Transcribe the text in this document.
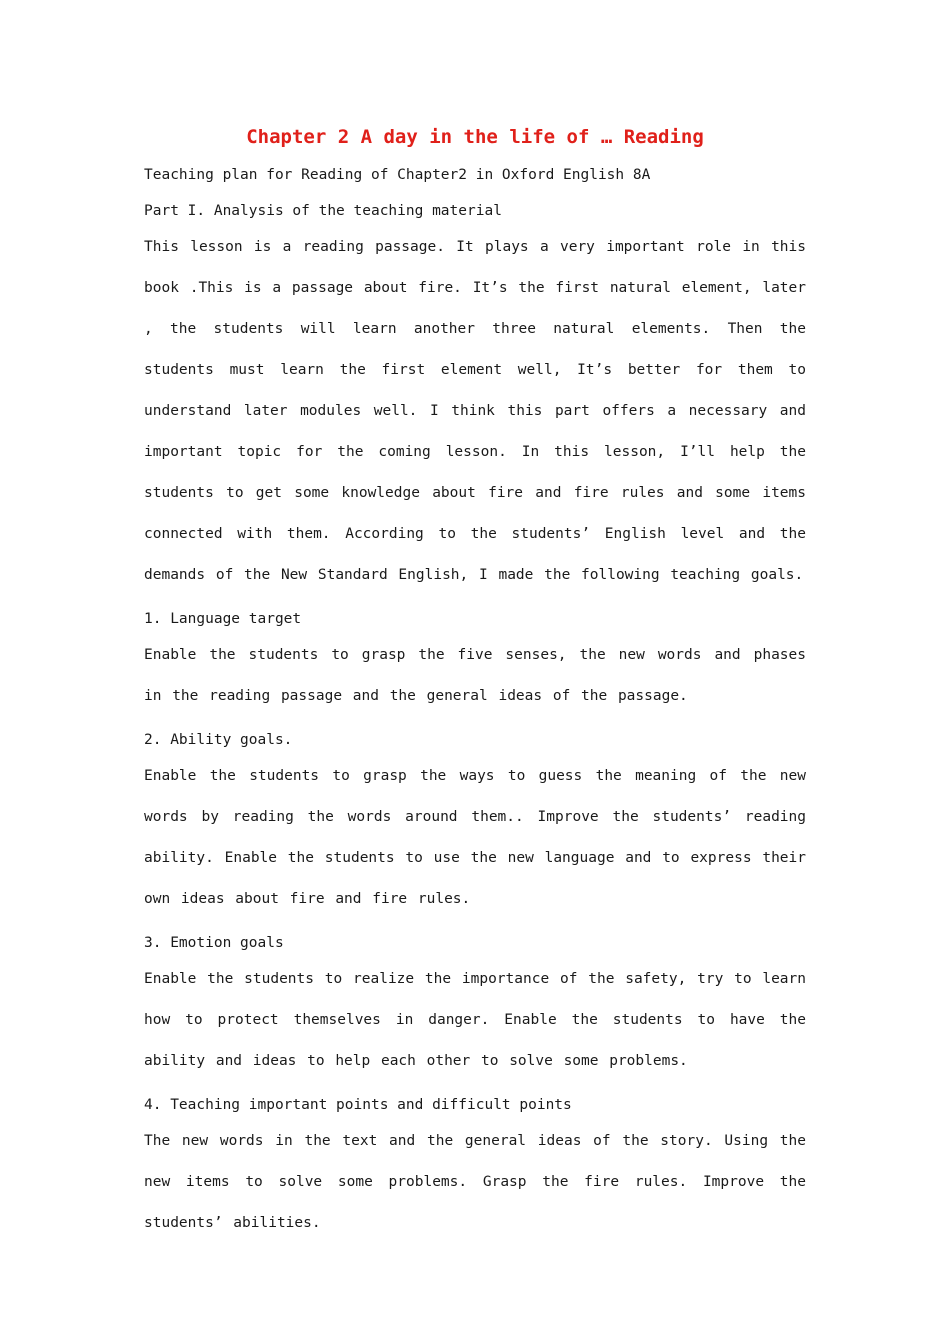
Chapter 2 A day in the life of … Reading
Teaching plan for Reading of Chapter2 in Oxford English 8A
Part I. Analysis of the teaching material
This lesson is a reading passage. It plays a very important role in this book .This is a passage about fire. It’s the first natural element, later , the students will learn another three natural elements. Then the students must learn the first element well, It’s better for them to understand later modules well. I think this part offers a necessary and important topic for the coming lesson. In this lesson, I’ll help the students to get some knowledge about fire and fire rules and some items connected with them. According to the students’ English level and the demands of the New Standard English, I made the following teaching goals.
1. Language target
Enable the students to grasp the five senses, the new words and phases in the reading passage and the general ideas of the passage.
2. Ability goals.
Enable the students to grasp the ways to guess the meaning of the new words by reading the words around them.. Improve the students’ reading ability. Enable the students to use the new language and to express their own ideas about fire and fire rules.
3. Emotion goals
Enable the students to realize the importance of the safety, try to learn how to protect themselves in danger. Enable the students to have the ability and ideas to help each other to solve some problems.
4. Teaching important points and difficult points
The new words in the text and the general ideas of the story. Using the new items to solve some problems. Grasp the fire rules. Improve the students’ abilities.
